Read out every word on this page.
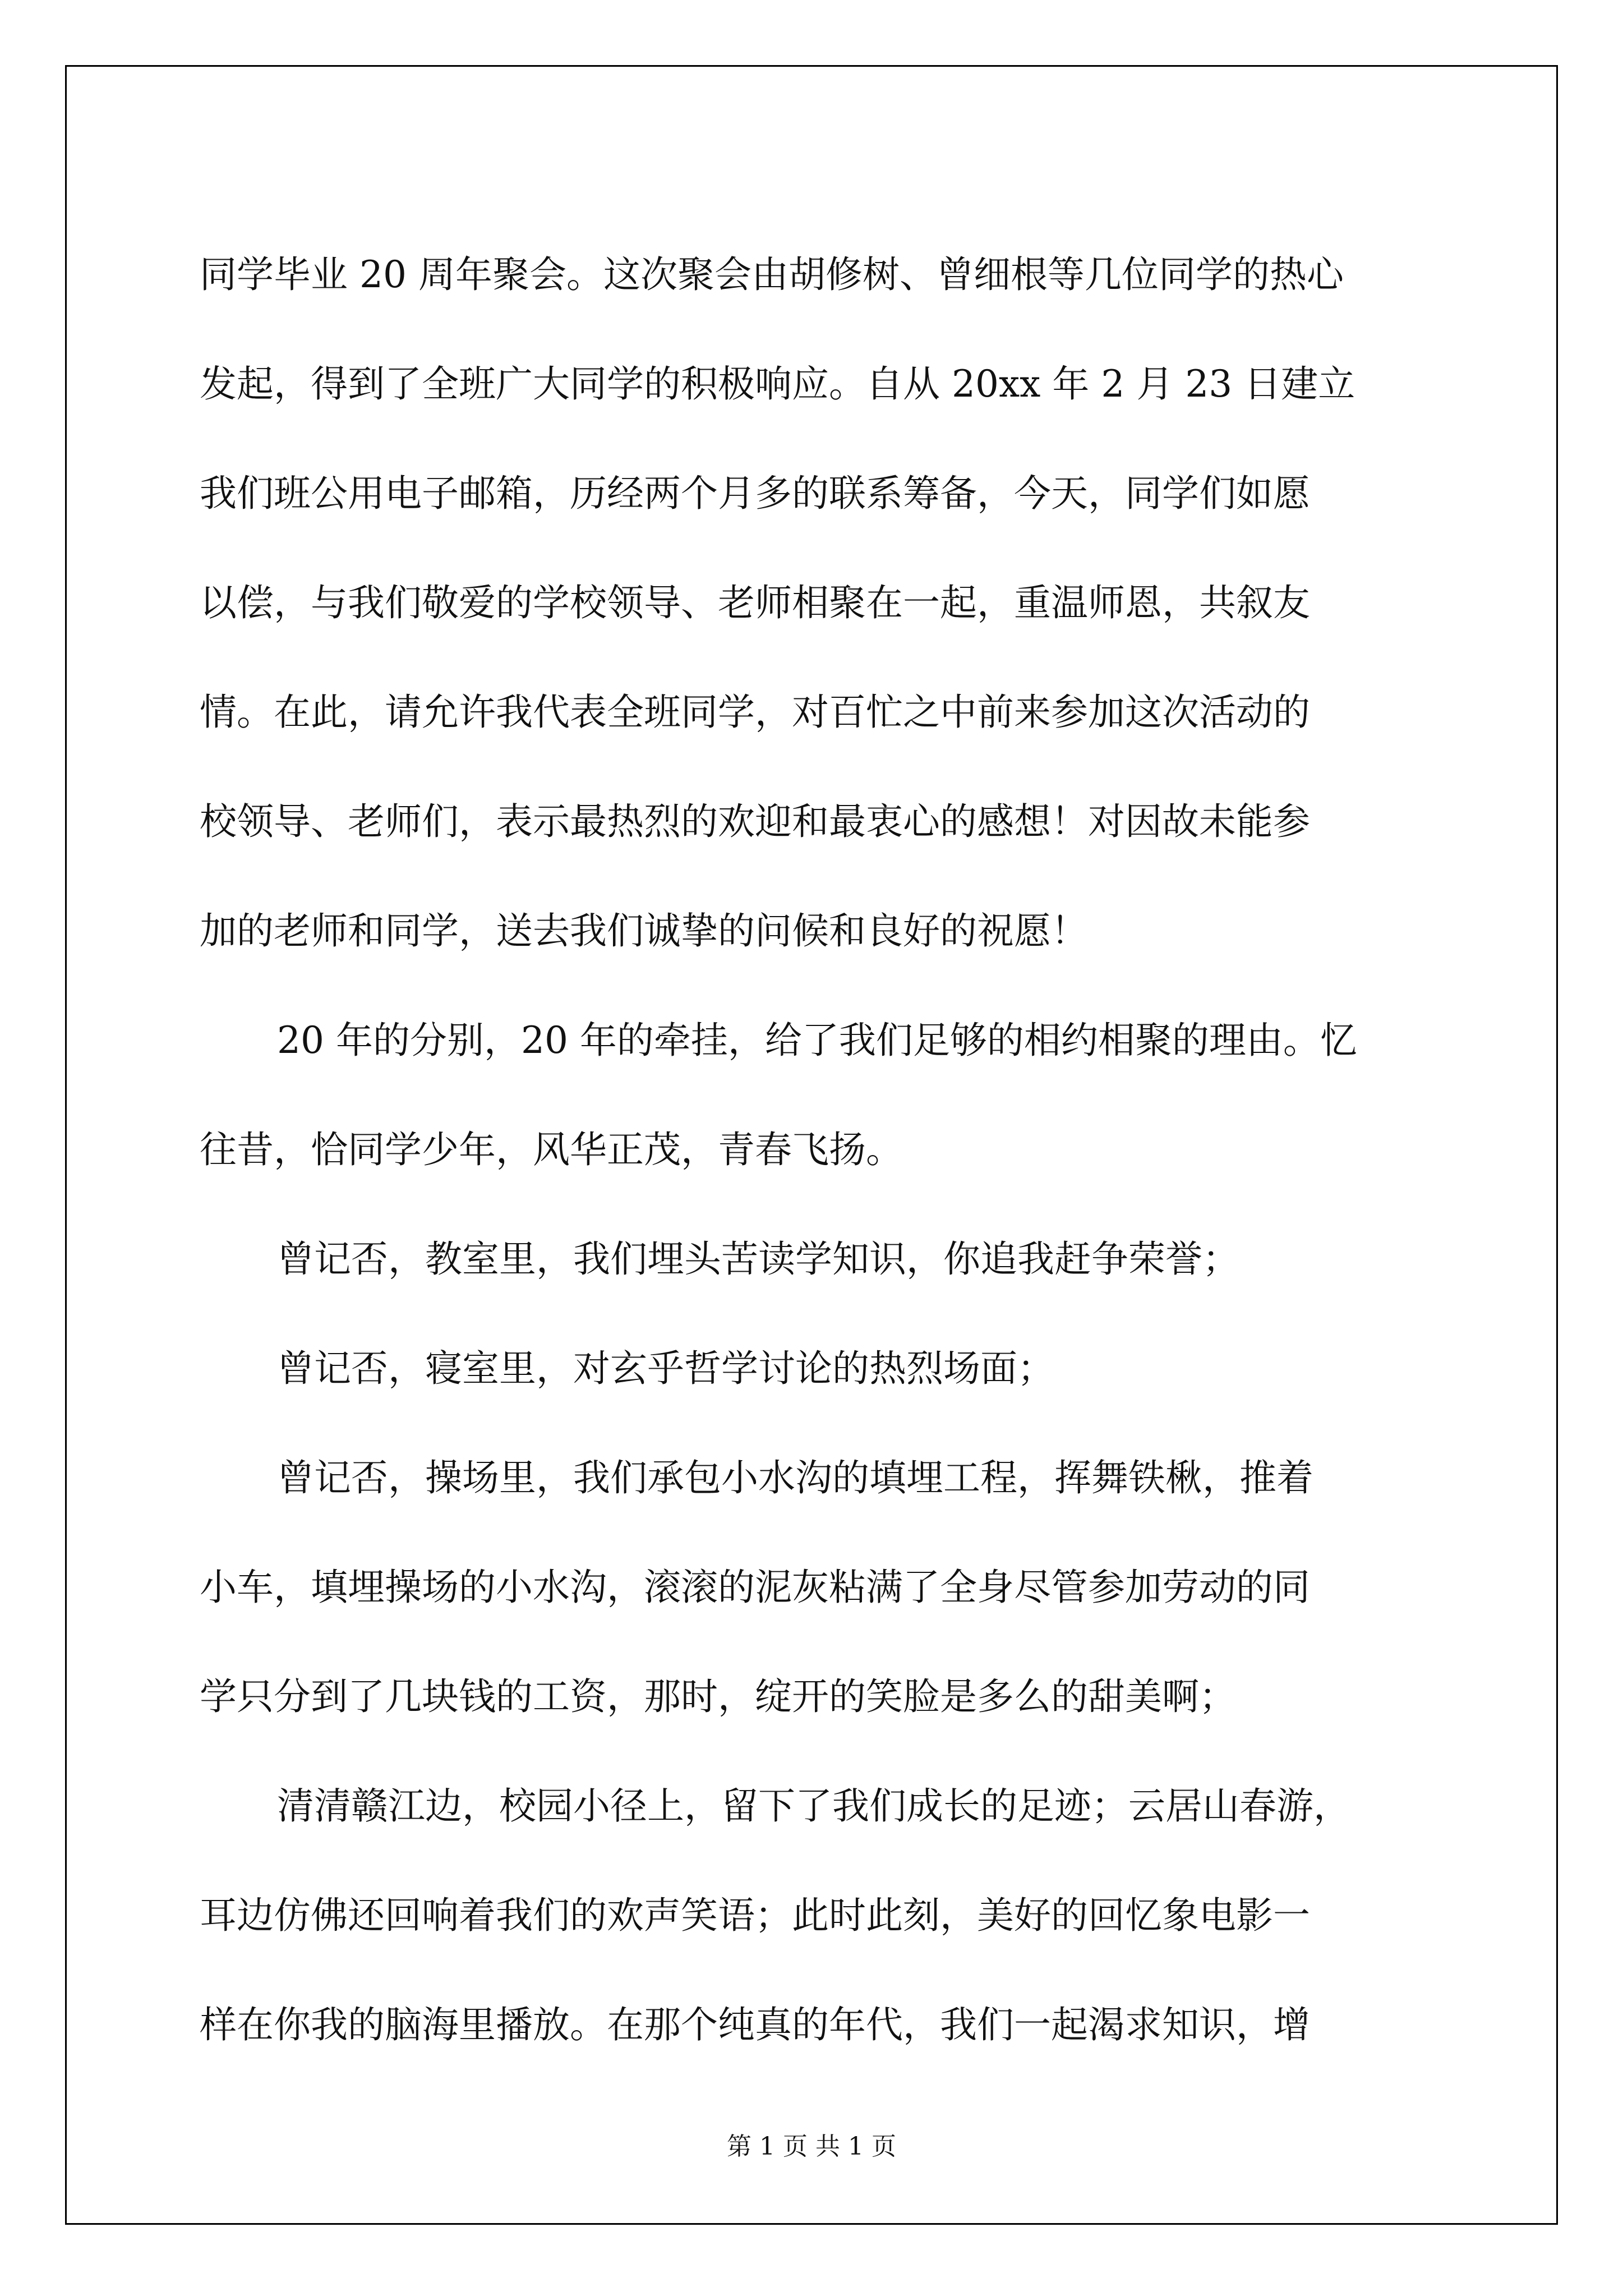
同学毕业 20 周年聚会。这次聚会由胡修树、曾细根等几位同学的热心
发起，得到了全班广大同学的积极响应。自从 20xx 年 2 月 23 日建立
我们班公用电子邮箱，历经两个月多的联系筹备，今天，同学们如愿
以偿，与我们敬爱的学校领导、老师相聚在一起，重温师恩，共叙友
情。在此，请允许我代表全班同学，对百忙之中前来参加这次活动的
校领导、老师们，表示最热烈的欢迎和最衷心的感想！对因故未能参
加的老师和同学，送去我们诚挚的问候和良好的祝愿！

20 年的分别，20 年的牵挂，给了我们足够的相约相聚的理由。忆
往昔，恰同学少年，风华正茂，青春飞扬。

曾记否，教室里，我们埋头苦读学知识，你追我赶争荣誉；

曾记否，寝室里，对玄乎哲学讨论的热烈场面；

曾记否，操场里，我们承包小水沟的填埋工程，挥舞铁楸，推着
小车，填埋操场的小水沟，滚滚的泥灰粘满了全身尽管参加劳动的同
学只分到了几块钱的工资，那时，绽开的笑脸是多么的甜美啊；

清清赣江边，校园小径上，留下了我们成长的足迹；云居山春游，
耳边仿佛还回响着我们的欢声笑语；此时此刻，美好的回忆象电影一
样在你我的脑海里播放。在那个纯真的年代，我们一起渴求知识，增

第 1 页 共 1 页
